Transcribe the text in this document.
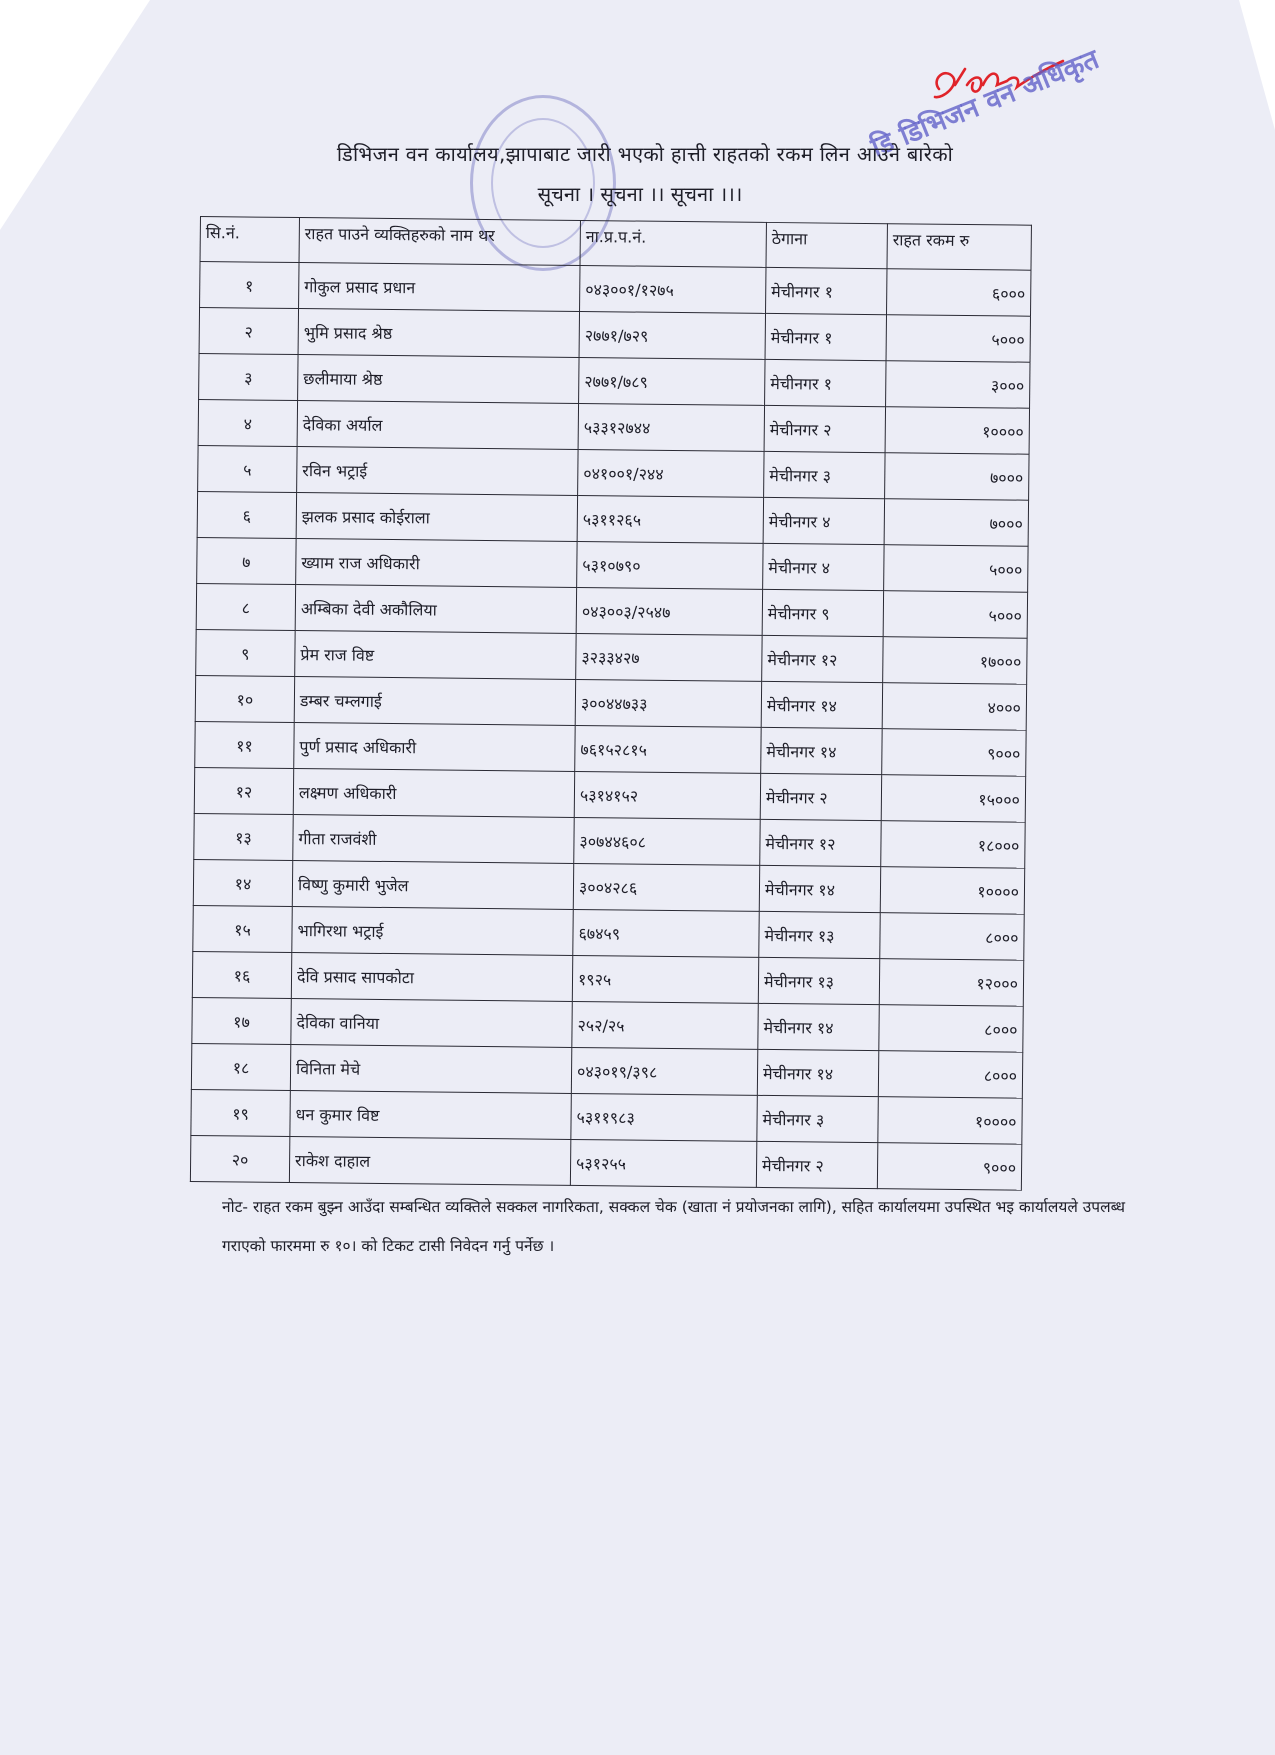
डि डिभिजन वन अधिकृत
डिभिजन वन कार्यालय,झापाबाट जारी भएको हात्ती राहतको रकम लिन आउने बारेको
सूचना । सूचना ।। सूचना ।।।
सि.नं.	राहत पाउने व्यक्तिहरुको नाम थर	ना.प्र.प.नं.	ठेगाना	राहत रकम रु
१	गोकुल प्रसाद प्रधान	०४३००१/१२७५	मेचीनगर १	६०००
२	भुमि प्रसाद श्रेष्ठ	२७७१/७२९	मेचीनगर १	५०००
३	छलीमाया श्रेष्ठ	२७७१/७८९	मेचीनगर १	३०००
४	देविका अर्याल	५३३१२७४४	मेचीनगर २	१००००
५	रविन भट्राई	०४१००१/२४४	मेचीनगर ३	७०००
६	झलक प्रसाद कोईराला	५३११२६५	मेचीनगर ४	७०००
७	ख्याम राज अधिकारी	५३१०७९०	मेचीनगर ४	५०००
८	अम्बिका देवी अकौलिया	०४३००३/२५४७	मेचीनगर ९	५०००
९	प्रेम राज विष्ट	३२३३४२७	मेचीनगर १२	१७०००
१०	डम्बर चम्लगाई	३००४४७३३	मेचीनगर १४	४०००
११	पुर्ण प्रसाद अधिकारी	७६१५२८१५	मेचीनगर १४	९०००
१२	लक्ष्मण अधिकारी	५३१४१५२	मेचीनगर २	१५०००
१३	गीता राजवंशी	३०७४४६०८	मेचीनगर १२	१८०००
१४	विष्णु कुमारी भुजेल	३००४२८६	मेचीनगर १४	१००००
१५	भागिरथा भट्राई	६७४५९	मेचीनगर १३	८०००
१६	देवि प्रसाद सापकोटा	१९२५	मेचीनगर १३	१२०००
१७	देविका वानिया	२५२/२५	मेचीनगर १४	८०००
१८	विनिता मेचे	०४३०१९/३९८	मेचीनगर १४	८०००
१९	धन कुमार विष्ट	५३११९८३	मेचीनगर ३	१००००
२०	राकेश दाहाल	५३१२५५	मेचीनगर २	९०००
नोट- राहत रकम बुझ्न आउँदा सम्बन्धित व्यक्तिले सक्कल नागरिकता, सक्कल चेक (खाता नं प्रयोजनका लागि), सहित कार्यालयमा उपस्थित भइ कार्यालयले उपलब्ध गराएको फारममा रु १०। को टिकट टासी निवेदन गर्नु पर्नेछ ।
